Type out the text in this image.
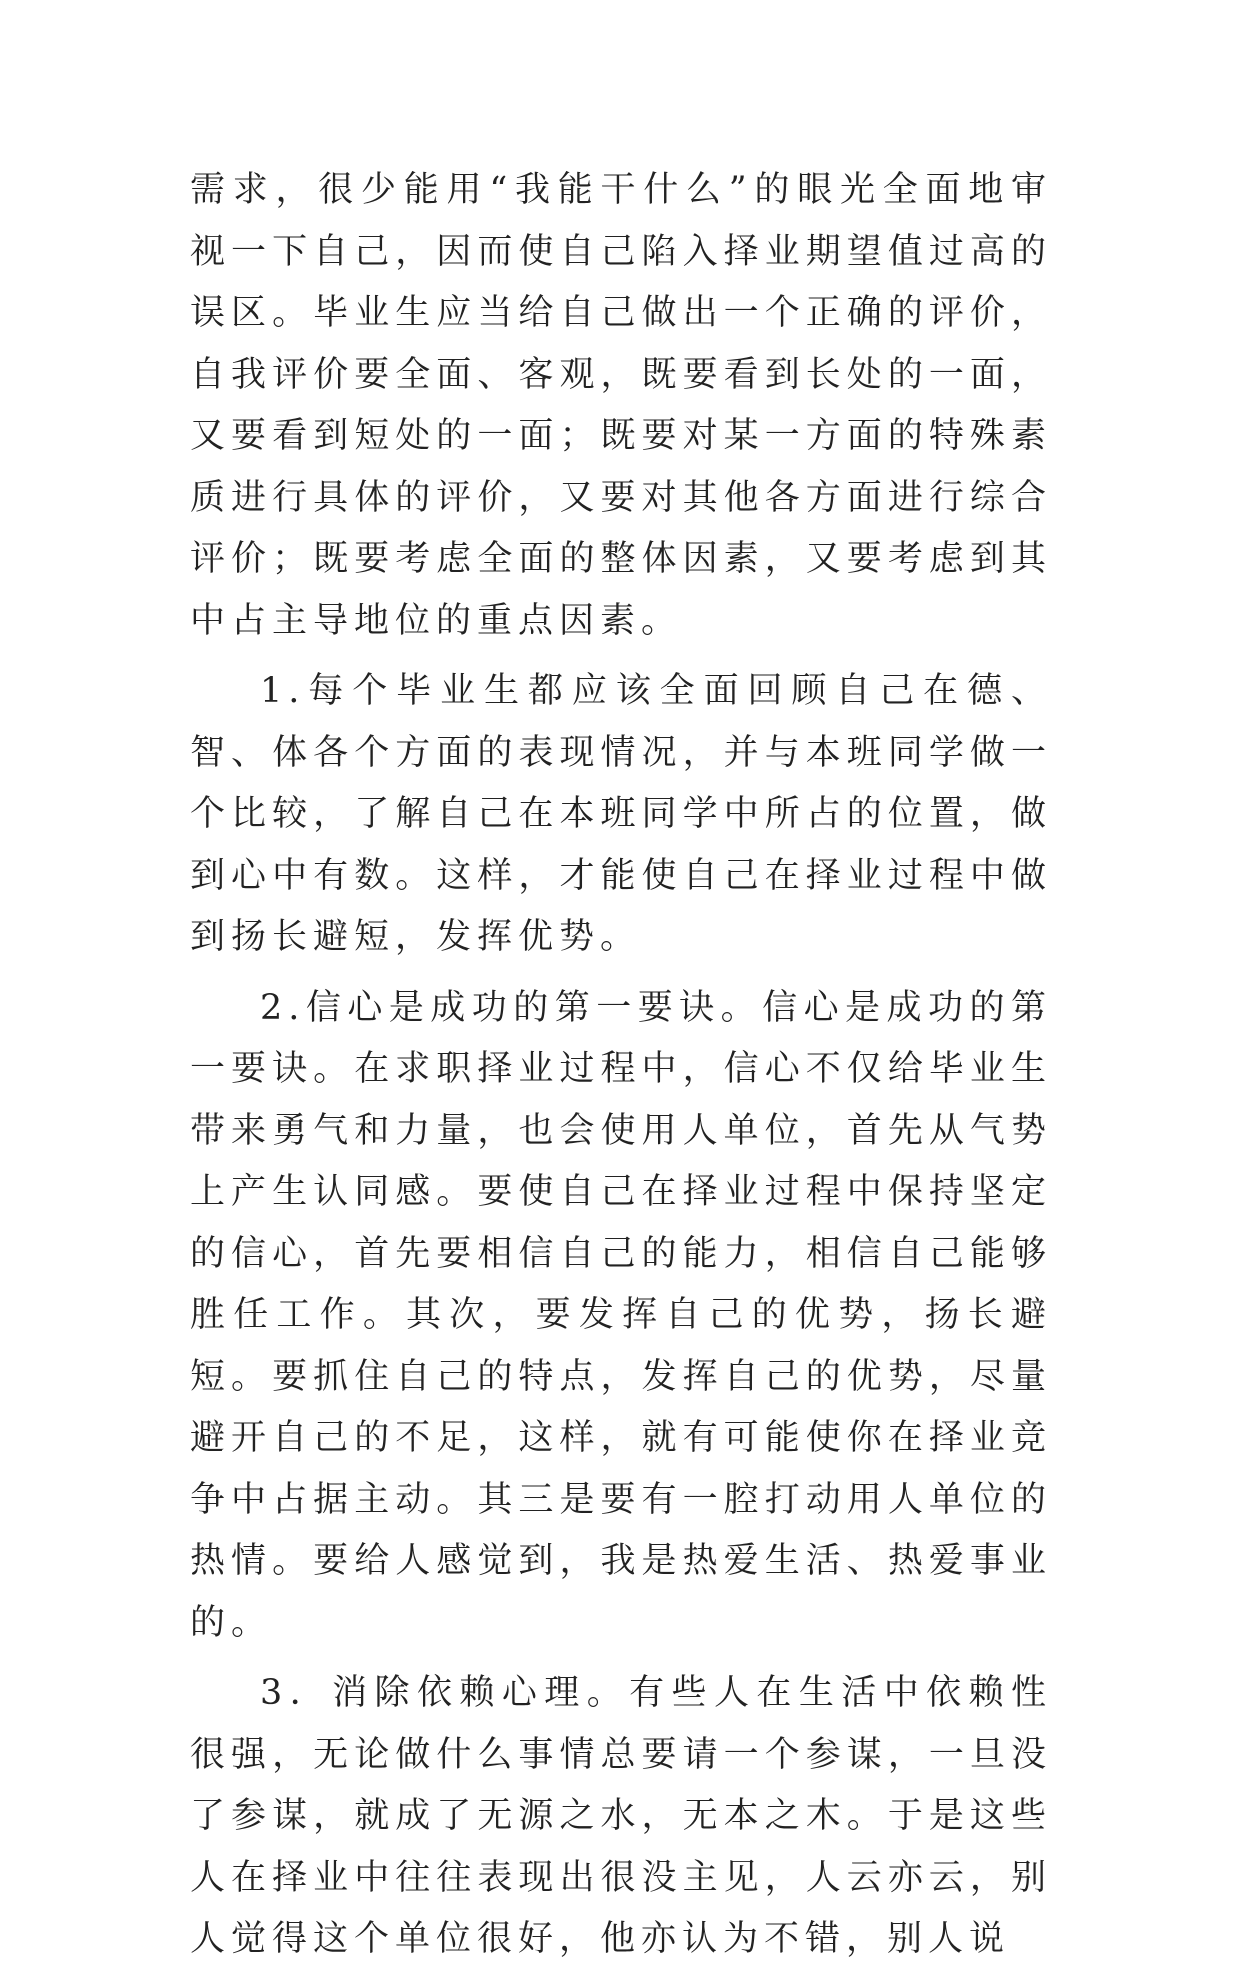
需求，很少能用“我能干什么”的眼光全面地审视一下自己，因而使自己陷入择业期望值过高的误区。毕业生应当给自己做出一个正确的评价，自我评价要全面、客观，既要看到长处的一面，又要看到短处的一面；既要对某一方面的特殊素质进行具体的评价，又要对其他各方面进行综合评价；既要考虑全面的整体因素，又要考虑到其中占主导地位的重点因素。

1.每个毕业生都应该全面回顾自己在德、智、体各个方面的表现情况，并与本班同学做一个比较，了解自己在本班同学中所占的位置，做到心中有数。这样，才能使自己在择业过程中做到扬长避短，发挥优势。

2.信心是成功的第一要诀。信心是成功的第一要诀。在求职择业过程中，信心不仅给毕业生带来勇气和力量，也会使用人单位，首先从气势上产生认同感。要使自己在择业过程中保持坚定的信心，首先要相信自己的能力，相信自己能够胜任工作。其次，要发挥自己的优势，扬长避短。要抓住自己的特点，发挥自己的优势，尽量避开自己的不足，这样，就有可能使你在择业竞争中占据主动。其三是要有一腔打动用人单位的热情。要给人感觉到，我是热爱生活、热爱事业的。

3．消除依赖心理。有些人在生活中依赖性很强，无论做什么事情总要请一个参谋，一旦没了参谋，就成了无源之水，无本之木。于是这些人在择业中往往表现出很没主见，人云亦云，别人觉得这个单位很好，他亦认为不错，别人说
